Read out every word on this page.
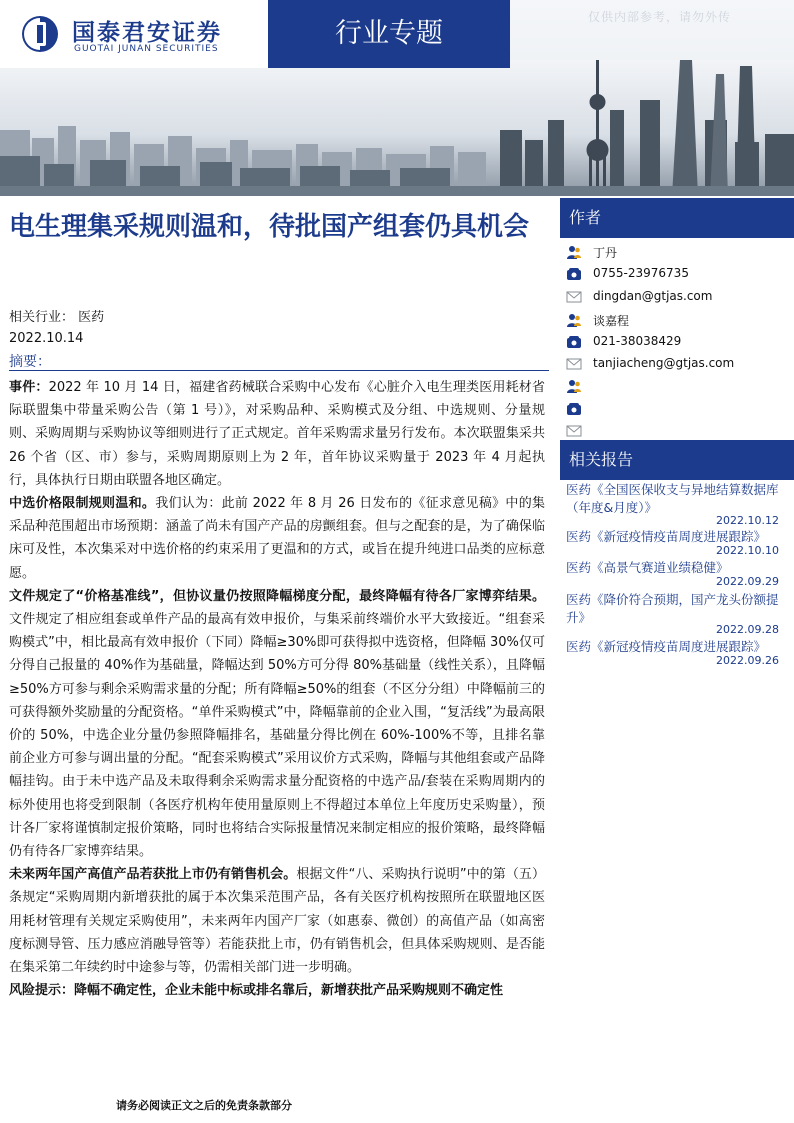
国泰君安证券
GUOTAI JUNAN SECURITIES	行业专题
仅供内部参考，请勿外传
电生理集采规则温和，待批国产组套仍具机会
相关行业： 医药
2022.10.14
摘要：

事件：2022 年 10 月 14 日，福建省药械联合采购中心发布《心脏介入电生理类医用耗材省际联盟集中带量采购公告（第 1 号）》，对采购品种、采购模式及分组、中选规则、分量规则、采购周期与采购协议等细则进行了正式规定。首年采购需求量另行发布。本次联盟集采共 26 个省（区、市）参与，采购周期原则上为 2 年，首年协议采购量于 2023 年 4 月起执行，具体执行日期由联盟各地区确定。

中选价格限制规则温和。我们认为：此前 2022 年 8 月 26 日发布的《征求意见稿》中的集采品种范围超出市场预期：涵盖了尚未有国产产品的房颤组套。但与之配套的是，为了确保临床可及性，本次集采对中选价格的约束采用了更温和的方式，或旨在提升纯进口品类的应标意愿。

文件规定了“价格基准线”，但协议量仍按照降幅梯度分配，最终降幅有待各厂家博弈结果。文件规定了相应组套或单件产品的最高有效申报价，与集采前终端价水平大致接近。“组套采购模式”中，相比最高有效申报价（下同）降幅≥30%即可获得拟中选资格，但降幅 30%仅可分得自己报量的 40%作为基础量，降幅达到 50%方可分得 80%基础量（线性关系），且降幅≥50%方可参与剩余采购需求量的分配；所有降幅≥50%的组套（不区分分组）中降幅前三的可获得额外奖励量的分配资格。“单件采购模式”中，降幅靠前的企业入围，“复活线”为最高限价的 50%，中选企业分量仍参照降幅排名，基础量分得比例在 60%-100%不等，且排名靠前企业方可参与调出量的分配。“配套采购模式”采用议价方式采购，降幅与其他组套或产品降幅挂钩。由于未中选产品及未取得剩余采购需求量分配资格的中选产品/套装在采购周期内的标外使用也将受到限制（各医疗机构年使用量原则上不得超过本单位上年度历史采购量），预计各厂家将谨慎制定报价策略，同时也将结合实际报量情况来制定相应的报价策略，最终降幅仍有待各厂家博弈结果。

未来两年国产高值产品若获批上市仍有销售机会。根据文件“八、采购执行说明”中的第（五）条规定“采购周期内新增获批的属于本次集采范围产品，各有关医疗机构按照所在联盟地区医用耗材管理有关规定采购使用”，未来两年内国产厂家（如惠泰、微创）的高值产品（如高密度标测导管、压力感应消融导管等）若能获批上市，仍有销售机会，但具体采购规则、是否能在集采第二年续约时中途参与等，仍需相关部门进一步明确。

风险提示：降幅不确定性，企业未能中标或排名靠后，新增获批产品采购规则不确定性

请务必阅读正文之后的免责条款部分
作者
丁丹
0755-23976735
dingdan@gtjas.com
谈嘉程
021-38038429
tanjiacheng@gtjas.com
相关报告
医药《全国医保收支与异地结算数据库（年度&月度）》
2022.10.12
医药《新冠疫情疫苗周度进展跟踪》
2022.10.10
医药《高景气赛道业绩稳健》
2022.09.29
医药《降价符合预期，国产龙头份额提升》
2022.09.28
医药《新冠疫情疫苗周度进展跟踪》
2022.09.26
